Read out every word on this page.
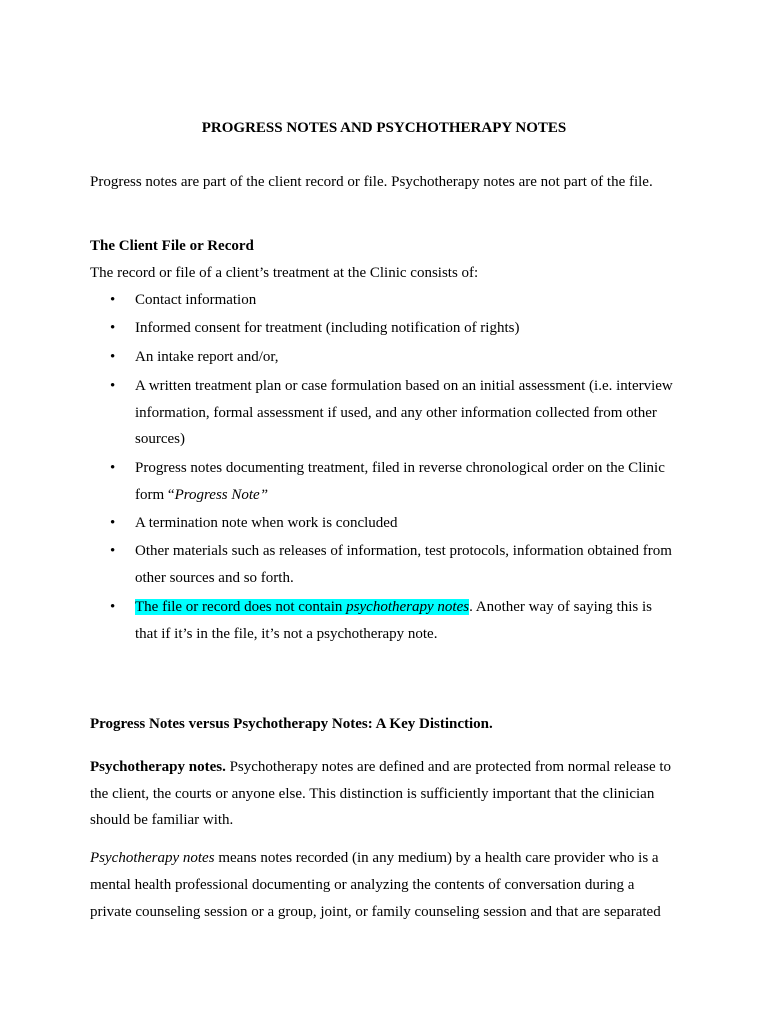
PROGRESS NOTES AND PSYCHOTHERAPY NOTES
Progress notes are part of the client record or file. Psychotherapy notes are not part of the file.
The Client File or Record
The record or file of a client’s treatment at the Clinic consists of:
• Contact information
• Informed consent for treatment (including notification of rights)
• An intake report and/or,
• A written treatment plan or case formulation based on an initial assessment (i.e. interview
information, formal assessment if used, and any other information collected from other
sources)
• Progress notes documenting treatment, filed in reverse chronological order on the Clinic
form “Progress Note”
• A termination note when work is concluded
• Other materials such as releases of information, test protocols, information obtained from
other sources and so forth.
• The file or record does not contain psychotherapy notes. Another way of saying this is
that if it’s in the file, it’s not a psychotherapy note.
Progress Notes versus Psychotherapy Notes: A Key Distinction.
Psychotherapy notes. Psychotherapy notes are defined and are protected from normal release to
the client, the courts or anyone else. This distinction is sufficiently important that the clinician
should be familiar with.
Psychotherapy notes means notes recorded (in any medium) by a health care provider who is a
mental health professional documenting or analyzing the contents of conversation during a
private counseling session or a group, joint, or family counseling session and that are separated
